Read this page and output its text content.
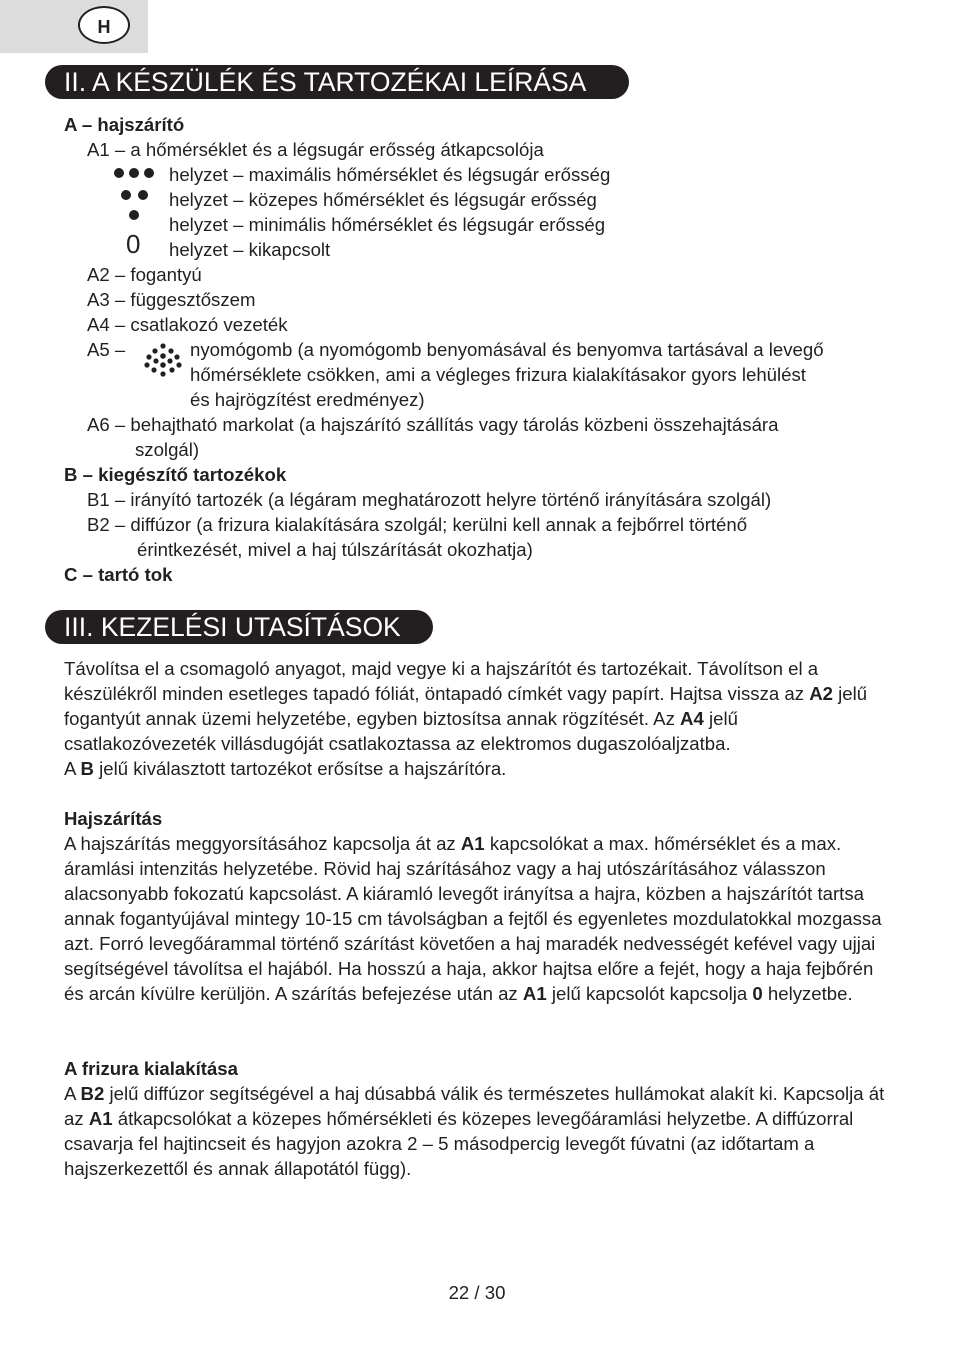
H
II. A KÉSZÜLÉK ÉS TARTOZÉKAI LEÍRÁSA
A – hajszárító
A1 – a hőmérséklet és a légsugár erősség átkapcsolója
helyzet – maximális hőmérséklet és légsugár erősség
helyzet – közepes hőmérséklet és légsugár erősség
helyzet – minimális hőmérséklet és légsugár erősség
0 helyzet – kikapcsolt
A2 – fogantyú
A3 – függesztőszem
A4 – csatlakozó vezeték
A5 –	nyomógomb (a nyomógomb benyomásával és benyomva tartásával a levegő
hőmérséklete csökken, ami a végleges frizura kialakításakor gyors lehülést
és hajrögzítést eredményez)
A6 – behajtható markolat (a hajszárító szállítás vagy tárolás közbeni összehajtására
szolgál)
B – kiegészítő tartozékok
B1 – irányító tartozék (a légáram meghatározott helyre történő irányítására szolgál)
B2 – diffúzor (a frizura kialakítására szolgál; kerülni kell annak a fejbőrrel történő
érintkezését, mivel a haj túlszárítását okozhatja)
C – tartó tok
III. KEZELÉSI UTASÍTÁSOK

Távolítsa el a csomagoló anyagot, majd vegye ki a hajszárítót és tartozékait. Távolítson el a készülékről minden esetleges tapadó fóliát, öntapadó címkét vagy papírt. Hajtsa vissza az A2 jelű fogantyút annak üzemi helyzetébe, egyben biztosítsa annak rögzítését. Az A4 jelű csatlakozóvezeték villásdugóját csatlakoztassa az elektromos dugaszolóaljzatba.

A B jelű kiválasztott tartozékot erősítse a hajszárítóra.

Hajszárítás

A hajszárítás meggyorsításához kapcsolja át az A1 kapcsolókat a max. hőmérséklet és a max. áramlási intenzitás helyzetébe. Rövid haj szárításához vagy a haj utószárításához válasszon alacsonyabb fokozatú kapcsolást. A kiáramló levegőt irányítsa a hajra, közben a hajszárítót tartsa annak fogantyújával mintegy 10-15 cm távolságban a fejtől és egyenletes mozdulatokkal mozgassa azt. Forró levegőárammal történő szárítást követően a haj maradék nedvességét kefével vagy ujjai segítségével távolítsa el hajából. Ha hosszú a haja, akkor hajtsa előre a fejét, hogy a haja fejbőrén és arcán kívülre kerüljön. A szárítás befejezése után az A1 jelű kapcsolót kapcsolja 0 helyzetbe.

A frizura kialakítása

A B2 jelű diffúzor segítségével a haj dúsabbá válik és természetes hullámokat alakít ki. Kapcsolja át az A1 átkapcsolókat a közepes hőmérsékleti és közepes levegőáramlási helyzetbe. A diffúzorral csavarja fel hajtincseit és hagyjon azokra 2 – 5 másodpercig levegőt fúvatni (az időtartam a hajszerkezettől és annak állapotától függ).

22 / 30
